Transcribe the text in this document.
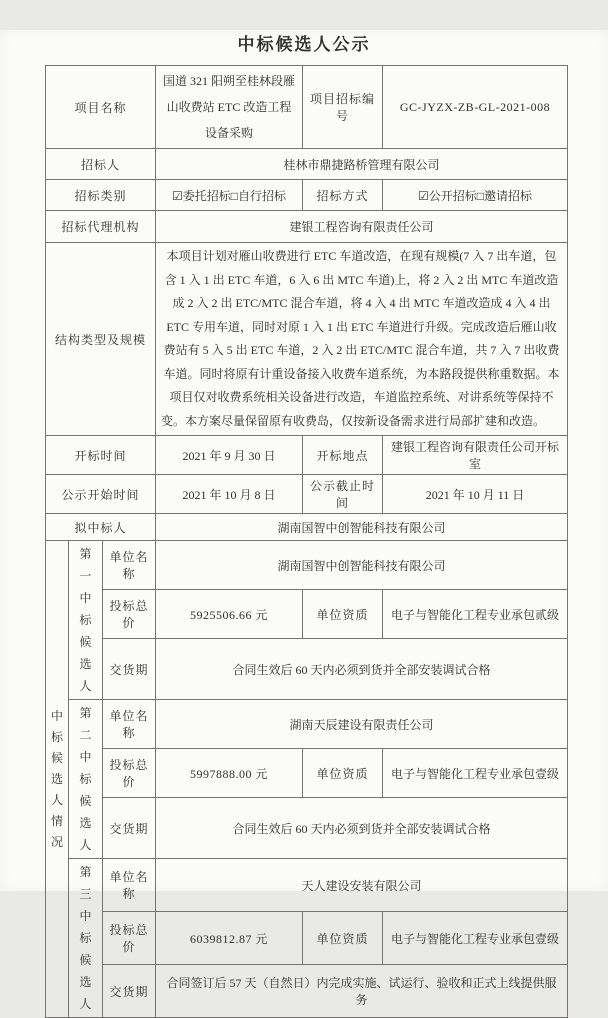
中标候选人公示
项目名称			国道 321 阳朔至桂林段雁山收费站 ETC 改造工程设备采购	项目招标编号	GC-JYZX-ZB-GL-2021-008
招标人			桂林市鼎捷路桥管理有限公司		
招标类别			☑委托招标□自行招标	招标方式	☑公开招标□邀请招标
招标代理机构			建银工程咨询有限责任公司		
结构类型及规模			本项目计划对雁山收费进行 ETC 车道改造，在现有规模(7 入 7 出车道，包含 1 入 1 出 ETC 车道，6 入 6 出 MTC 车道)上，将 2 入 2 出 MTC 车道改造成 2 入 2 出 ETC/MTC 混合车道，将 4 入 4 出 MTC 车道改造成 4 入 4 出 ETC 专用车道，同时对原 1 入 1 出 ETC 车道进行升级。完成改造后雁山收费站有 5 入 5 出 ETC 车道，2 入 2 出 ETC/MTC 混合车道，共 7 入 7 出收费车道。同时将原有计重设备接入收费车道系统，为本路段提供称重数据。本项目仅对收费系统相关设备进行改造，车道监控系统、对讲系统等保持不变。本方案尽量保留原有收费岛，仅按新设备需求进行局部扩建和改造。		
开标时间			2021 年 9 月 30 日	开标地点	建银工程咨询有限责任公司开标室
公示开始时间			2021 年 10 月 8 日	公示截止时间	2021 年 10 月 11 日
拟中标人			湖南国智中创智能科技有限公司		
中标候选人情况	第一中标候选人	单位名称	湖南国智中创智能科技有限公司		
		投标总价	5925506.66 元	单位资质	电子与智能化工程专业承包贰级
		交货期	合同生效后 60 天内必须到货并全部安装调试合格		
	第二中标候选人	单位名称	湖南天辰建设有限责任公司		
		投标总价	5997888.00 元	单位资质	电子与智能化工程专业承包壹级
		交货期	合同生效后 60 天内必须到货并全部安装调试合格		
	第三中标候选人	单位名称	天人建设安装有限公司		
		投标总价	6039812.87 元	单位资质	电子与智能化工程专业承包壹级
		交货期	合同签订后 57 天（自然日）内完成实施、试运行、验收和正式上线提供服务		
